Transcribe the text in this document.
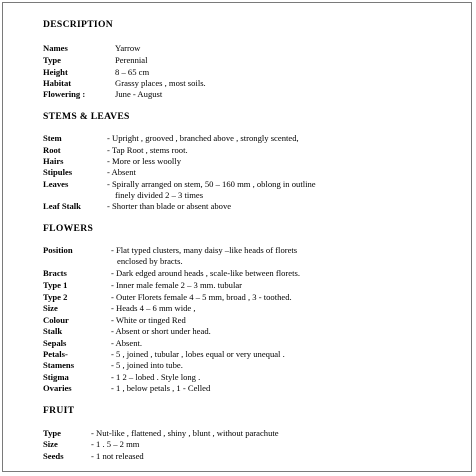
DESCRIPTION
Names	Yarrow
Type	Perennial
Height	8 – 65 cm
Habitat	Grassy places , most soils.
Flowering :	June - August
STEMS & LEAVES
Stem	- Upright , grooved , branched above , strongly scented,
Root	- Tap Root , stems root.
Hairs	- More or less woolly
Stipules	- Absent
Leaves	- Spirally arranged on stem, 50 – 160 mm , oblong in outline
finely divided 2 – 3 times
Leaf Stalk	- Shorter than blade or absent above
FLOWERS
Position	- Flat typed clusters, many daisy –like heads of florets
enclosed by bracts.
Bracts	- Dark edged around heads , scale-like between florets.
Type 1	- Inner male female 2 – 3 mm. tubular
Type 2	- Outer Florets female 4 – 5 mm, broad , 3 - toothed.
Size	- Heads 4 – 6 mm wide ,
Colour	- White or tinged Red
Stalk	- Absent or short under head.
Sepals	- Absent.
Petals-	- 5 , joined , tubular , lobes equal or very unequal .
Stamens	- 5 , joined into tube.
Stigma	- 1 2 – lobed . Style long .
Ovaries	- 1 , below petals , 1 - Celled
FRUIT
Type	- Nut-like , flattened , shiny , blunt , without parachute
Size	- 1 . 5 – 2 mm
Seeds	- 1 not released
